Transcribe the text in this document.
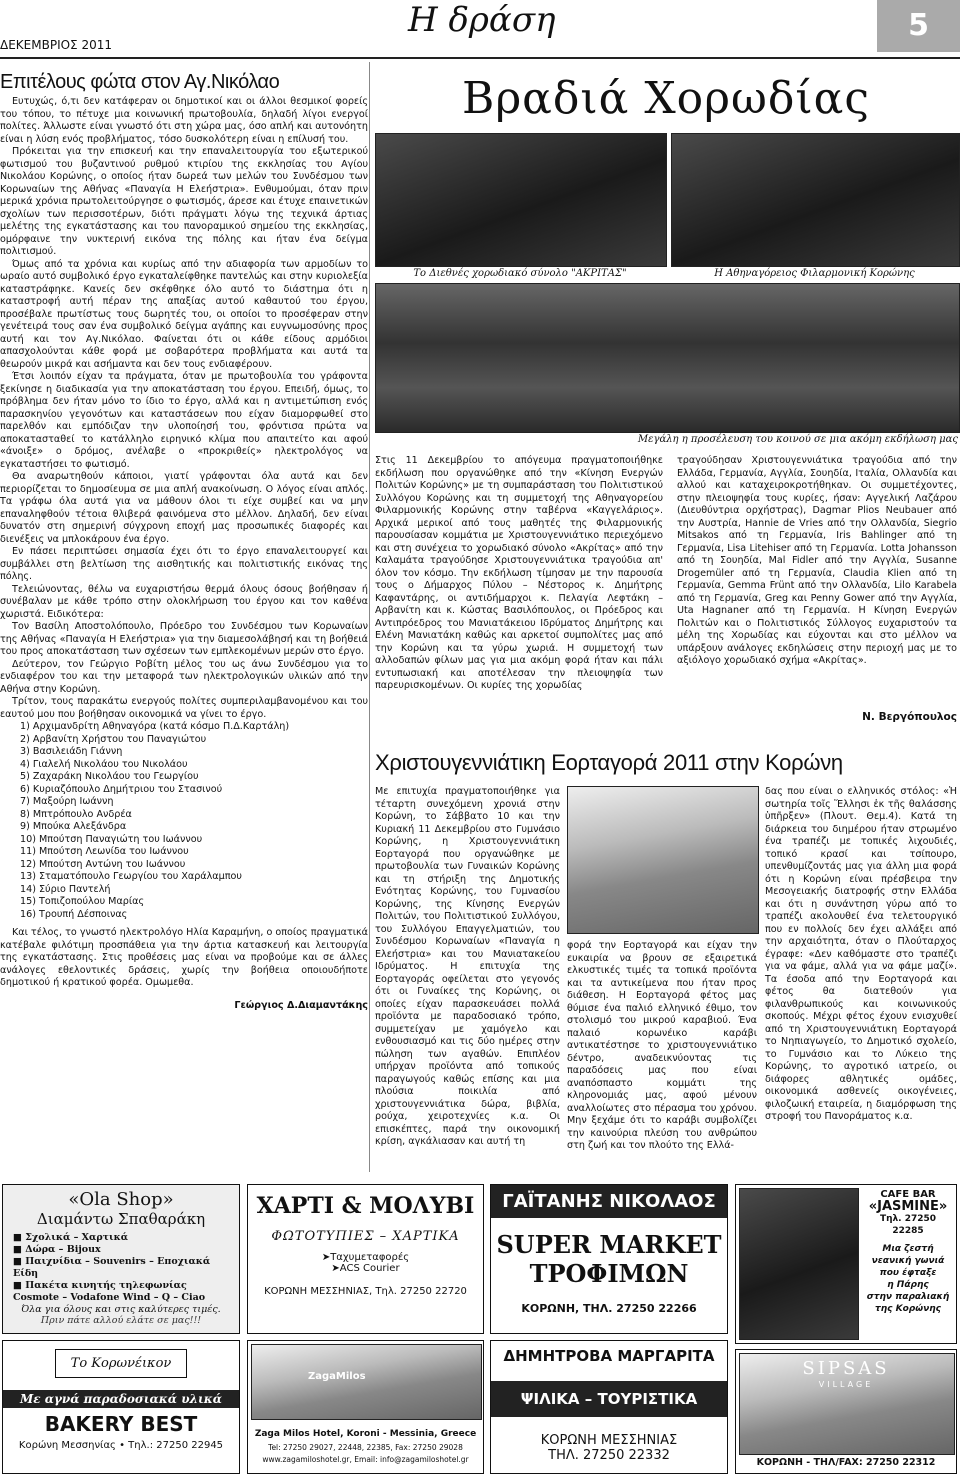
ΔΕΚΕΜΒΡΙΟΣ 2011
Η δράση	5
Επιτέλους φώτα στον Αγ.Νικόλαο

Ευτυχώς, ό,τι δεν κατάφεραν οι δημοτικοί και οι άλλοι θεσμικοί φορείς του τόπου, το πέτυχε μια κοινωνική πρωτοβουλία, δηλαδή λίγοι ενεργοί πολίτες. Άλλωστε είναι γνωστό ότι στη χώρα μας, όσο απλή και αυτονόητη είναι η λύση ενός προβλήματος, τόσο δυσκολότερη είναι η επίλυσή του.

Πρόκειται για την επισκευή και την επαναλειτουργία του εξωτερικού φωτισμού του βυζαντινού ρυθμού κτιρίου της εκκλησίας του Αγίου Νικολάου Κορώνης, ο οποίος ήταν δωρεά των μελών του Συνδέσμου των Κορωναίων της Αθήνας «Παναγία Η Ελεήστρια». Ενθυμούμαι, όταν πριν μερικά χρόνια πρωτολειτούργησε ο φωτισμός, άρεσε και έτυχε επαινετικών σχολίων των περισσοτέρων, διότι πράγματι λόγω της τεχνικά άρτιας μελέτης της εγκατάστασης και του πανοραμικού σημείου της εκκλησίας, ομόρφαινε την νυκτερινή εικόνα της πόλης και ήταν ένα δείγμα πολιτισμού.

Όμως από τα χρόνια και κυρίως από την αδιαφορία των αρμοδίων το ωραίο αυτό συμβολικό έργο εγκαταλείφθηκε παντελώς και στην κυριολεξία καταστράφηκε. Κανείς δεν σκέφθηκε όλο αυτό το διάστημα ότι η καταστροφή αυτή πέραν της απαξίας αυτού καθαυτού του έργου, προσέβαλε πρωτίστως τους δωρητές του, οι οποίοι το προσέφεραν στην γενέτειρά τους σαν ένα συμβολικό δείγμα αγάπης και ευγνωμοσύνης προς αυτή και τον Αγ.Νικόλαο. Φαίνεται ότι οι κάθε είδους αρμόδιοι απασχολούνται κάθε φορά με σοβαρότερα προβλήματα και αυτά τα θεωρούν μικρά και ασήμαντα και δεν τους ενδιαφέρουν.

Έτσι λοιπόν είχαν τα πράγματα, όταν με πρωτοβουλία του γράφοντα ξεκίνησε η διαδικασία για την αποκατάσταση του έργου. Επειδή, όμως, το πρόβλημα δεν ήταν μόνο το ίδιο το έργο, αλλά και η αντιμετώπιση ενός παρασκηνίου γεγονότων και καταστάσεων που είχαν διαμορφωθεί στο παρελθόν και εμπόδιζαν την υλοποίησή του, φρόντισα πρώτα να αποκατασταθεί το κατάλληλο ειρηνικό κλίμα που απαιτείτο και αφού «άνοιξε» ο δρόμος, ανέλαβε ο «προκριθείς» ηλεκτρολόγος να εγκαταστήσει το φωτισμό.

Θα αναρωτηθούν κάποιοι, γιατί γράφονται όλα αυτά και δεν περιορίζεται το δημοσίευμα σε μια απλή ανακοίνωση. Ο λόγος είναι απλός. Τα γράφω όλα αυτά για να μάθουν όλοι τι είχε συμβεί και να μην επαναληφθούν τέτοια θλιβερά φαινόμενα στο μέλλον. Δηλαδή, δεν είναι δυνατόν στη σημερινή σύγχρονη εποχή μας προσωπικές διαφορές και διενέξεις να μπλοκάρουν ένα έργο.

Εν πάσει περιπτώσει σημασία έχει ότι το έργο επαναλειτουργεί και συμβάλλει στη βελτίωση της αισθητικής και πολιτιστικής εικόνας της πόλης.

Τελειώνοντας, θέλω να ευχαριστήσω θερμά όλους όσους βοήθησαν ή συνέβαλαν με κάθε τρόπο στην ολοκλήρωση του έργου και τον καθένα χωριστά. Ειδικότερα:

Τον Βασίλη Αποστολόπουλο, Πρόεδρο του Συνδέσμου των Κορωναίων της Αθήνας «Παναγία Η Ελεήστρια» για την διαμεσολάβησή και τη βοήθειά του προς αποκατάσταση των σχέσεων των εμπλεκομένων μερών στο έργο.

Δεύτερον, τον Γεώργιο Ροβίτη μέλος του ως άνω Συνδέσμου για το ενδιαφέρον του και την μεταφορά των ηλεκτρολογικών υλικών από την Αθήνα στην Κορώνη.

Τρίτον, τους παρακάτω ενεργούς πολίτες συμπεριλαμβανομένου και του εαυτού μου που βοήθησαν οικονομικά να γίνει το έργο.

1) Αρχιμανδρίτη Αθηναγόρα (κατά κόσμο Π.Δ.Καρτάλη)
2) Αρβανίτη Χρήστου του Παναγιώτου
3) Βασιλειάδη Γιάννη
4) Γιαλελή Νικολάου του Νικολάου
5) Ζαχαράκη Νικολάου του Γεωργίου
6) Κυριαζόπουλο Δημήτριου του Στασινού
7) Μαξούρη Ιωάννη
8) Μπτρόπουλο Ανδρέα
9) Μπούκα Αλεξάνδρα
10) Μπούτση Παναγιώτη του Ιωάννου
11) Μπούτση Λεωνίδα του Ιωάννου
12) Μπούτση Αντώνη του Ιωάννου
13) Σταματόπουλο Γεωργίου του Χαράλαμπου
14) Σύριο Παντελή
15) Τοπιζοπούλου Μαρίας
16) Τρουπή Δέσποινας

Και τέλος, το γνωστό ηλεκτρολόγο Ηλία Καραμήνη, ο οποίος πραγματικά κατέβαλε φιλότιμη προσπάθεια για την άρτια κατασκευή και λειτουργία της εγκατάστασης. Στις προθέσεις μας είναι να προβούμε και σε άλλες ανάλογες εθελοντικές δράσεις, χωρίς την βοήθεια οποιουδήποτε δημοτικού ή κρατικού φορέα. Ομωμεθα.

Γεώργιος Δ.Διαμαντάκης
Βραδιά Χορωδίας
Το Διεθνές χορωδιακό σύνολο "ΑΚΡΙΤΑΣ"	Η Αθηναγόρειος Φιλαρμονική Κορώνης
Μεγάλη η προσέλευση του κοινού σε μια ακόμη εκδήλωση μας
Στις 11 Δεκεμβρίου το απόγευμα πραγματοποιήθηκε εκδήλωση που οργανώθηκε από την «Κίνηση Ενεργών Πολιτών Κορώνης» με τη συμπαράσταση του Πολιτιστικού Συλλόγου Κορώνης και τη συμμετοχή της Αθηναγορείου Φιλαρμονικής Κορώνης στην ταβέρνα «Καγγελάριος». Αρχικά μερικοί από τους μαθητές της Φιλαρμονικής παρουσίασαν κομμάτια με Χριστουγεννιάτικο περιεχόμενο και στη συνέχεια το χορωδιακό σύνολο «Ακρίτας» από την Καλαμάτα τραγούδησε Χριστουγεννιάτικα τραγούδια απ' όλον τον κόσμο. Την εκδήλωση τίμησαν με την παρουσία τους ο Δήμαρχος Πύλου – Νέστορος κ. Δημήτρης Καφαντάρης, οι αντιδήμαρχοι κ. Πελαγία Λεφτάκη – Αρβανίτη και κ. Κώστας Βασιλόπουλος, οι Πρόεδρος και Αντιπρόεδρος του Μανιατάκειου Ιδρύματος Δημήτρης και Ελένη Μανιατάκη καθώς και αρκετοί συμπολίτες μας από την Κορώνη και τα γύρω χωριά. Η συμμετοχή των αλλοδαπών φίλων μας για μια ακόμη φορά ήταν και πάλι εντυπωσιακή και αποτέλεσαν την πλειοψηφία των παρευρισκομένων. Οι κυρίες της χορωδίας
τραγούδησαν Χριστουγεννιάτικα τραγούδια από την Ελλάδα, Γερμανία, Αγγλία, Σουηδία, Ιταλία, Ολλανδία και αλλού και καταχειροκροτήθηκαν. Οι συμμετέχοντες, στην πλειοψηφία τους κυρίες, ήσαν: Αγγελική Λαζάρου (Διευθύντρια ορχήστρας), Dagmar Plios Neubauer από την Αυστρία, Hannie de Vries από την Ολλανδία, Siegrio Mitsakos από τη Γερμανία, Iris Bahlinger από τη Γερμανία, Lisa Litehiser από τη Γερμανία. Lotta Johansson από τη Σουηδία, Mal Fidler από την Αγγλία, Susanne Drogemüler από τη Γερμανία, Claudia Klien από τη Γερμανία, Gemma Frünt από την Ολλανδία, Lilo Karabela από τη Γερμανία, Greg και Penny Gower από την Αγγλία, Uta Hagnaner από τη Γερμανία. Η Κίνηση Ενεργών Πολιτών και ο Πολιτιστικός Σύλλογος ευχαριστούν τα μέλη της Χορωδίας και εύχονται και στο μέλλον να υπάρξουν ανάλογες εκδηλώσεις στην περιοχή μας με το αξιόλογο χορωδιακό σχήμα «Ακρίτας».
Ν. Βεργόπουλος
Χριστουγεννιάτικη Εορταγορά 2011 στην Κορώνη
Με επιτυχία πραγματοποιήθηκε για τέταρτη συνεχόμενη χρονιά στην Κορώνη, το Σάββατο 10 και την Κυριακή 11 Δεκεμβρίου στο Γυμνάσιο Κορώνης, η Χριστουγεννιάτικη Εορταγορά που οργανώθηκε με πρωτοβουλία των Γυναικών Κορώνης και τη στήριξη της Δημοτικής Ενότητας Κορώνης, του Γυμνασίου Κορώνης, της Κίνησης Ενεργών Πολιτών, του Πολιτιστικού Συλλόγου, του Συλλόγου Επαγγελματιών, του Συνδέσμου Κορωναίων «Παναγία η Ελεήστρια» και του Μανιατακείου Ιδρύματος. Η επιτυχία της Εορταγοράς οφείλεται στο γεγονός ότι οι Γυναίκες της Κορώνης, οι οποίες είχαν παρασκευάσει πολλά προϊόντα με παραδοσιακό τρόπο, συμμετείχαν με χαμόγελο και ενθουσιασμό και τις δύο ημέρες στην πώληση των αγαθών. Επιπλέον υπήρχαν προϊόντα από τοπικούς παραγωγούς καθώς επίσης και μια πλούσια ποικιλία από χριστουγεννιάτικα δώρα, βιβλία, ρούχα, χειροτεχνίες κ.α. Οι επισκέπτες, παρά την οικονομική κρίση, αγκάλιασαν και αυτή τη
φορά την Εορταγορά και είχαν την ευκαιρία να βρουν σε εξαιρετικά ελκυστικές τιμές τα τοπικά προϊόντα και τα αντικείμενα που ήταν προς διάθεση. Η Εορταγορά φέτος μας θύμισε ένα παλιό ελληνικό έθιμο, τον στολισμό του μικρού καραβιού. Ένα παλαιό κορωνέικο καράβι αντικατέστησε το χριστουγεννιάτικο δέντρο, αναδεικνύοντας τις παραδόσεις μας που είναι αναπόσπαστο κομμάτι της κληρονομιάς μας, αφού μένουν αναλλοίωτες στο πέρασμα του χρόνου. Μην ξεχάμε ότι το καράβι συμβολίζει την καινούρια πλεύση του ανθρώπου στη ζωή και τον πλούτο της Ελλά-
δας που είναι ο ελληνικός στόλος: «Ἡ σωτηρία τοῖς Ἕλλησι ἐκ τῆς θαλάσσης ὑπῆρξεν» (Πλουτ. Θεμ.4). Κατά τη διάρκεια του διημέρου ήταν στρωμένο ένα τραπέζι με τοπικές λιχουδιές, τοπικό κρασί και τσίπουρο, υπενθυμίζοντάς μας για άλλη μια φορά ότι η Κορώνη είναι πρέσβειρα την Μεσογειακής διατροφής στην Ελλάδα και ότι η συνάντηση γύρω από το τραπέζι ακολουθεί ένα τελετουργικό που εν πολλοίς δεν έχει αλλάξει από την αρχαιότητα, όταν ο Πλούταρχος έγραφε: «Δεν καθόμαστε στο τραπέζι για να φάμε, αλλά για να φάμε μαζί». Τα έσοδα από την Εορταγορά και φέτος θα διατεθούν για φιλανθρωπικούς και κοινωνικούς σκοπούς. Μέχρι φέτος έχουν ενισχυθεί από τη Χριστουγεννιάτικη Εορταγορά το Νηπιαγωγείο, το Δημοτικό σχολείο, το Γυμνάσιο και το Λύκειο της Κορώνης, το αγροτικό ιατρείο, οι διάφορες αθλητικές ομάδες, οικονομικά ασθενείς οικογένειες, φιλοζωική εταιρεία, η διαμόρφωση της στροφή του Πανοράματος κ.α.
«Ola Shop»
Διαμάντω Σπαθαράκη
■ Σχολικά – Χαρτικά
■ Δώρα – Bijoux
■ Παιχνίδια – Souvenirs – Εποχιακά Είδη
■ Πακέτα κινητής τηλεφωνίας Cosmote – Vodafone Wind – Q – Ciao
Όλα για όλους και στις καλύτερες τιμές.
Πριν πάτε αλλού ελάτε σε μας!!!
ΧΑΡΤΙ & ΜΟΛΥΒΙ
ΦΩΤΟΤΥΠΙΕΣ – ΧΑΡΤΙΚΑ
➤Ταχυμεταφορές
➤ACS Courier
ΚΟΡΩΝΗ ΜΕΣΣΗΝΙΑΣ, Τηλ. 27250 22720
ΓΑΪΤΑΝΗΣ ΝΙΚΟΛΑΟΣ
SUPER MARKET
ΤΡΟΦΙΜΩΝ
ΚΟΡΩΝΗ, ΤΗΛ. 27250 22266
CAFE BAR
«JASMINE»
Τηλ. 27250
22285
Μια ζεστή
νεανική γωνιά
που έφταξε
η Πάρης
στην παραλιακή
της Κορώνης
Το Κορωνέικον
Με αγνά παραδοσιακά υλικά
BAKERY BEST
Κορώνη Μεσσηνίας • Τηλ.: 27250 22945
ZagaMilos
Zaga Milos Hotel, Koroni - Messinia, Greece
Tel: 27250 29027, 22448, 22385, Fax: 27250 29028
www.zagamiloshotel.gr, Email: info@zagamiloshotel.gr
ΔΗΜΗΤΡΟΒΑ ΜΑΡΓΑΡΙΤΑ
ΨΙΛΙΚΑ – ΤΟΥΡΙΣΤΙΚΑ
ΚΟΡΩΝΗ ΜΕΣΣΗΝΙΑΣ
ΤΗΛ. 27250 22332
SIPSAS
VILLAGE
ΚΟΡΩΝΗ - ΤΗΛ/FAX: 27250 22312
